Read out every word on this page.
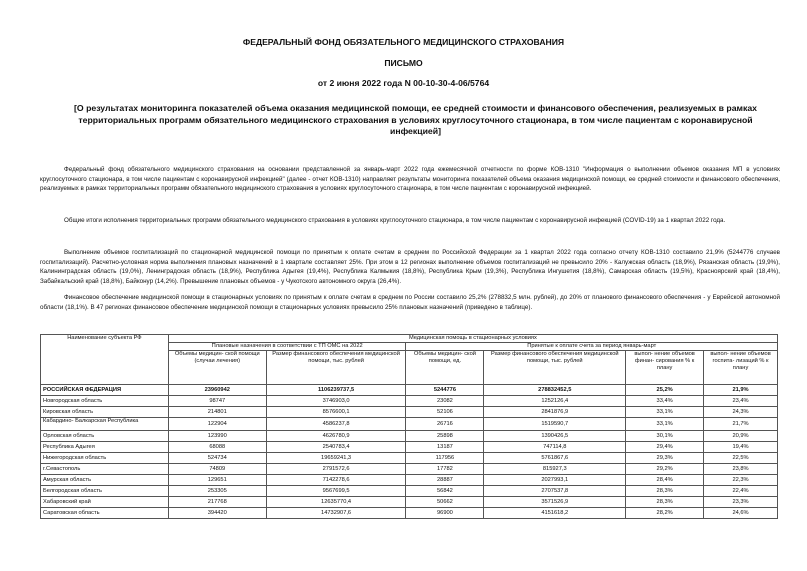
ФЕДЕРАЛЬНЫЙ ФОНД ОБЯЗАТЕЛЬНОГО МЕДИЦИНСКОГО СТРАХОВАНИЯ
ПИСЬМО
от 2 июня 2022 года N 00-10-30-4-06/5764
[О результатах мониторинга показателей объема оказания медицинской помощи, ее средней стоимости и финансового обеспечения, реализуемых в рамках территориальных программ обязательного медицинского страхования в условиях круглосуточного стационара, в том числе пациентам с коронавирусной инфекцией]

Федеральный фонд обязательного медицинского страхования на основании представленной за январь-март 2022 года ежемесячной отчетности по форме КОВ-1310 "Информация о выполнении объемов оказания МП в условиях круглосуточного стационара, в том числе пациентам с коронавирусной инфекцией" (далее - отчет КОВ-1310) направляет результаты мониторинга показателей объема оказания медицинской помощи, ее средней стоимости и финансового обеспечения, реализуемых в рамках территориальных программ обязательного медицинского страхования в условиях круглосуточного стационара, в том числе пациентам с коронавирусной инфекцией.

Общие итоги исполнения территориальных программ обязательного медицинского страхования в условиях круглосуточного стационара, в том числе пациентам с коронавирусной инфекцией (COVID-19) за 1 квартал 2022 года.

Выполнение объемов госпитализаций по стационарной медицинской помощи по принятым к оплате счетам в среднем по Российской Федерации за 1 квартал 2022 года согласно отчету КОВ-1310 составило 21,9% (5244776 случаев госпитализаций). Расчетно-условная норма выполнения плановых назначений в 1 квартале составляет 25%. При этом в 12 регионах выполнение объемов госпитализаций не превысило 20% - Калужская область (18,9%), Рязанская область (19,9%), Калининградская область (19,0%), Ленинградская область (18,9%), Республика Адыгея (19,4%), Республика Калмыкия (18,8%), Республика Крым (19,3%), Республика Ингушетия (18,8%), Самарская область (19,5%), Красноярский край (18,4%), Забайкальский край (18,8%), Байконур (14,2%). Превышение плановых объемов - у Чукотского автономного округа (26,4%).

Финансовое обеспечение медицинской помощи в стационарных условиях по принятым к оплате счетам в среднем по России составило 25,2% (278832,5 млн. рублей), до 20% от планового финансового обеспечения - у Еврейской автономной области (18,1%). В 47 регионах финансовое обеспечение медицинской помощи в стационарных условиях превысило 25% плановых назначений (приведено в таблице).

Наименование субъекта РФ	Медицинская помощь в стационарных условиях					
	Плановые назначения в соответствии с ТП ОМС на 2022		Принятые к оплате счета за период январь-март			
	Объемы медицин- ской помощи (случаи лечения)	Размер финансового обеспечения медицинской помощи, тыс. рублей	Объемы медицин- ской помощи, ед.	Размер финансового обеспечения медицинской помощи, тыс. рублей	выпол- нение объемов финан- сирования % к плану	выпол- нение объемов госпита- лизаций % к плану
РОССИЙСКАЯ ФЕДЕРАЦИЯ	23960942	1106239737,5	5244776	278832452,5	25,2%	21,9%
Новгородская область	98747	3746903,0	23082	1252126,4	33,4%	23,4%
Кировская область	214801	8576600,1	52106	2841876,9	33,1%	24,3%
Кабардино- Балкарская Республика	122904	4586237,8	26716	1519590,7	33,1%	21,7%
Орловская область	123990	4626780,9	25898	1390426,5	30,1%	20,9%
Республика Адыгея	68088	2540783,4	13187	747114,8	29,4%	19,4%
Нижегородская область	524734	19659241,3	117956	5761867,6	29,3%	22,5%
г.Севастополь	74809	2791572,6	17782	815927,3	29,2%	23,8%
Амурская область	129651	7142278,6	28887	2027993,1	28,4%	22,3%
Белгородская область	253305	9567699,5	56842	2707537,8	28,3%	22,4%
Хабаровский край	217768	12635770,4	50662	3571526,9	28,3%	23,3%
Саратовская область	394420	14732907,6	96900	4151618,2	28,2%	24,6%
